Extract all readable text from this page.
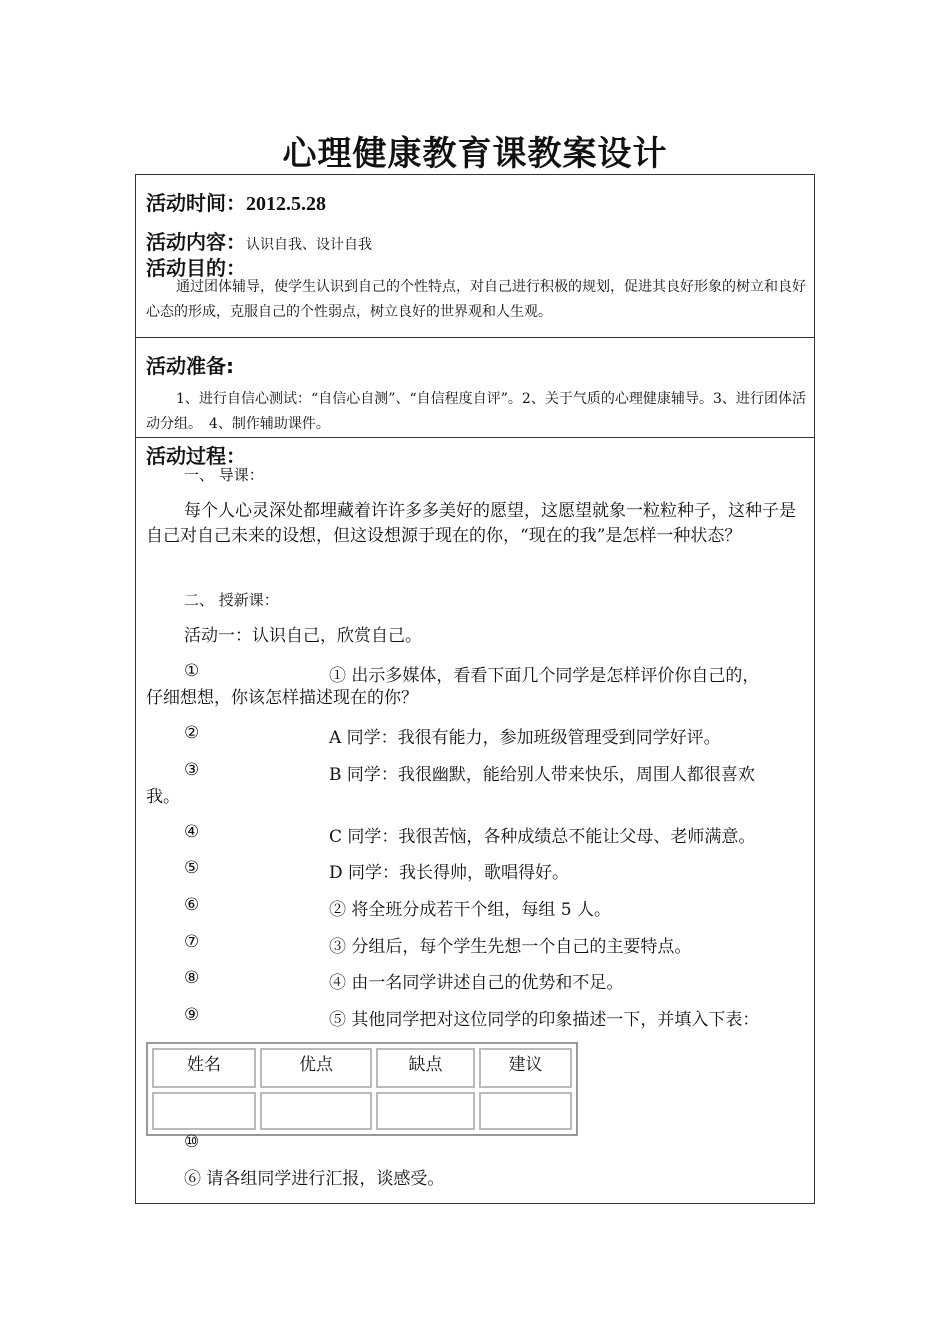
心理健康教育课教案设计
活动时间：2012.5.28
活动内容：认识自我、设计自我
活动目的：
通过团体辅导，使学生认识到自己的个性特点，对自己进行积极的规划，促进其良好形象的树立和良好心态的形成，克服自己的个性弱点，树立良好的世界观和人生观。
活动准备:
1、进行自信心测试：“自信心自测”、“自信程度自评”。2、关于气质的心理健康辅导。3、进行团体活动分组。　4、制作辅助课件。
活动过程：
一、 导课：
每个人心灵深处都埋藏着许许多多美好的愿望，这愿望就象一粒粒种子，这种子是自己对自己未来的设想，但这设想源于现在的你，“现在的我”是怎样一种状态？
二、 授新课：
活动一：认识自己，欣赏自己。
①	① 出示多媒体，看看下面几个同学是怎样评价你自己的，
仔细想想，你该怎样描述现在的你？
②	A 同学：我很有能力，参加班级管理受到同学好评。
③	B 同学：我很幽默，能给别人带来快乐，周围人都很喜欢
我。
④	C 同学：我很苦恼，各种成绩总不能让父母、老师满意。
⑤	D 同学：我长得帅，歌唱得好。
⑥	② 将全班分成若干个组，每组 5 人。
⑦	③ 分组后，每个学生先想一个自己的主要特点。
⑧	④ 由一名同学讲述自己的优势和不足。
⑨	⑤ 其他同学把对这位同学的印象描述一下，并填入下表：
姓名	优点	缺点	建议

⑩
⑥ 请各组同学进行汇报，谈感受。
